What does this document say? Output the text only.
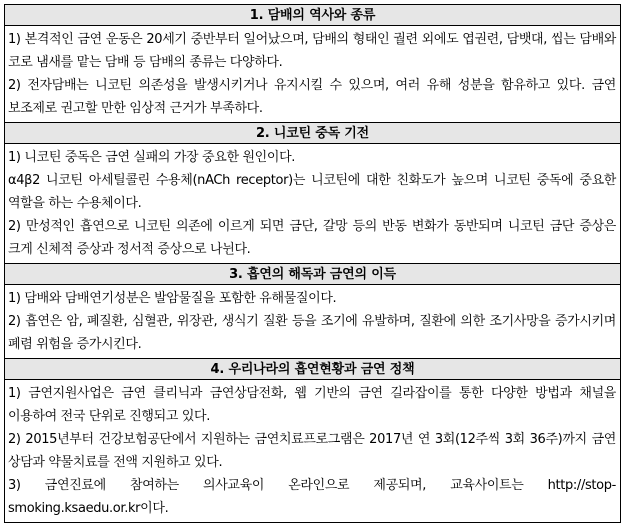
1. 담배의 역사와 종류

1) 본격적인 금연 운동은 20세기 중반부터 일어났으며, 담배의 형태인 궐련 외에도 엽권련, 담뱃대, 씹는 담배와 코로 냄새를 맡는 담배 등 담배의 종류는 다양하다.

2) 전자담배는 니코틴 의존성을 발생시키거나 유지시킬 수 있으며, 여러 유해 성분을 함유하고 있다. 금연 보조제로 권고할 만한 임상적 근거가 부족하다.

2. 니코틴 중독 기전

1) 니코틴 중독은 금연 실패의 가장 중요한 원인이다.

α4β2 니코틴 아세틸콜린 수용체(nACh receptor)는 니코틴에 대한 친화도가 높으며 니코틴 중독에 중요한 역할을 하는 수용체이다.

2) 만성적인 흡연으로 니코틴 의존에 이르게 되면 금단, 갈망 등의 반동 변화가 동반되며 니코틴 금단 증상은 크게 신체적 증상과 정서적 증상으로 나뉜다.

3. 흡연의 해독과 금연의 이득

1) 담배와 담배연기성분은 발암물질을 포함한 유해물질이다.

2) 흡연은 암, 폐질환, 심혈관, 위장관, 생식기 질환 등을 조기에 유발하며, 질환에 의한 조기사망을 증가시키며 폐렴 위험을 증가시킨다.

4. 우리나라의 흡연현황과 금연 정책

1) 금연지원사업은 금연 클리닉과 금연상담전화, 웹 기반의 금연 길라잡이를 통한 다양한 방법과 채널을 이용하여 전국 단위로 진행되고 있다.

2) 2015년부터 건강보험공단에서 지원하는 금연치료프로그램은 2017년 연 3회(12주씩 3회 36주)까지 금연 상담과 약물치료를 전액 지원하고 있다.

3) 금연진료에 참여하는 의사교육이 온라인으로 제공되며, 교육사이트는 http://stop-smoking.ksaedu.or.kr이다.
